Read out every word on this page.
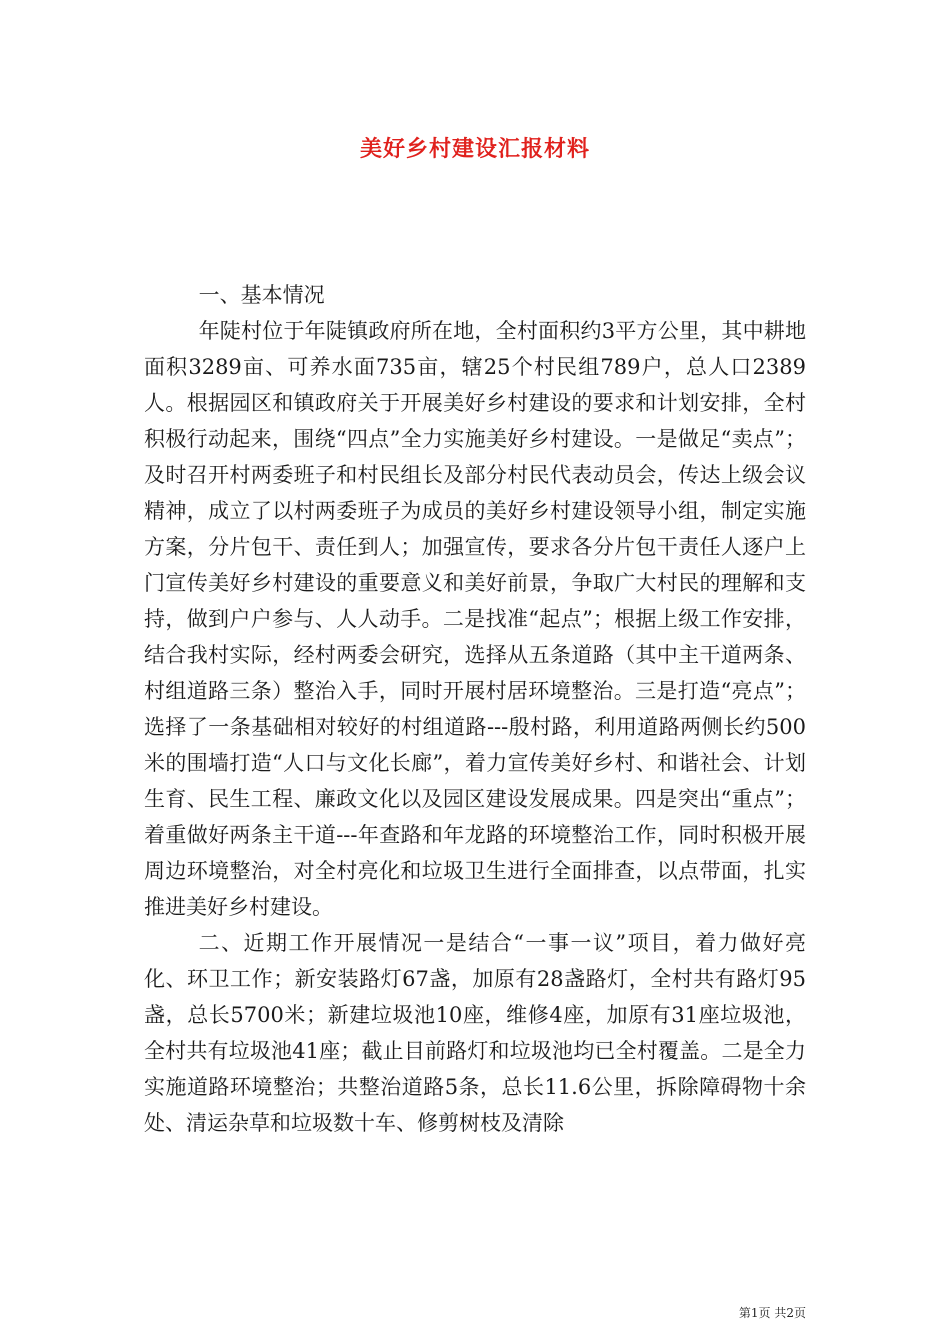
美好乡村建设汇报材料

一、基本情况

年陡村位于年陡镇政府所在地，全村面积约3平方公里，其中耕地面积3289亩、可养水面735亩，辖25个村民组789户，总人口2389人。根据园区和镇政府关于开展美好乡村建设的要求和计划安排，全村积极行动起来，围绕“四点”全力实施美好乡村建设。一是做足“卖点”；及时召开村两委班子和村民组长及部分村民代表动员会，传达上级会议精神，成立了以村两委班子为成员的美好乡村建设领导小组，制定实施方案，分片包干、责任到人；加强宣传，要求各分片包干责任人逐户上门宣传美好乡村建设的重要意义和美好前景，争取广大村民的理解和支持，做到户户参与、人人动手。二是找准“起点”；根据上级工作安排，结合我村实际，经村两委会研究，选择从五条道路（其中主干道两条、村组道路三条）整治入手，同时开展村居环境整治。三是打造“亮点”；选择了一条基础相对较好的村组道路---殷村路，利用道路两侧长约500米的围墙打造“人口与文化长廊”，着力宣传美好乡村、和谐社会、计划生育、民生工程、廉政文化以及园区建设发展成果。四是突出“重点”；着重做好两条主干道---年查路和年龙路的环境整治工作，同时积极开展周边环境整治，对全村亮化和垃圾卫生进行全面排查，以点带面，扎实推进美好乡村建设。

二、近期工作开展情况一是结合“一事一议”项目，着力做好亮化、环卫工作；新安装路灯67盏，加原有28盏路灯，全村共有路灯95盏，总长5700米；新建垃圾池10座，维修4座，加原有31座垃圾池，全村共有垃圾池41座；截止目前路灯和垃圾池均已全村覆盖。二是全力实施道路环境整治；共整治道路5条，总长11.6公里，拆除障碍物十余处、清运杂草和垃圾数十车、修剪树枝及清除

第1页 共2页
